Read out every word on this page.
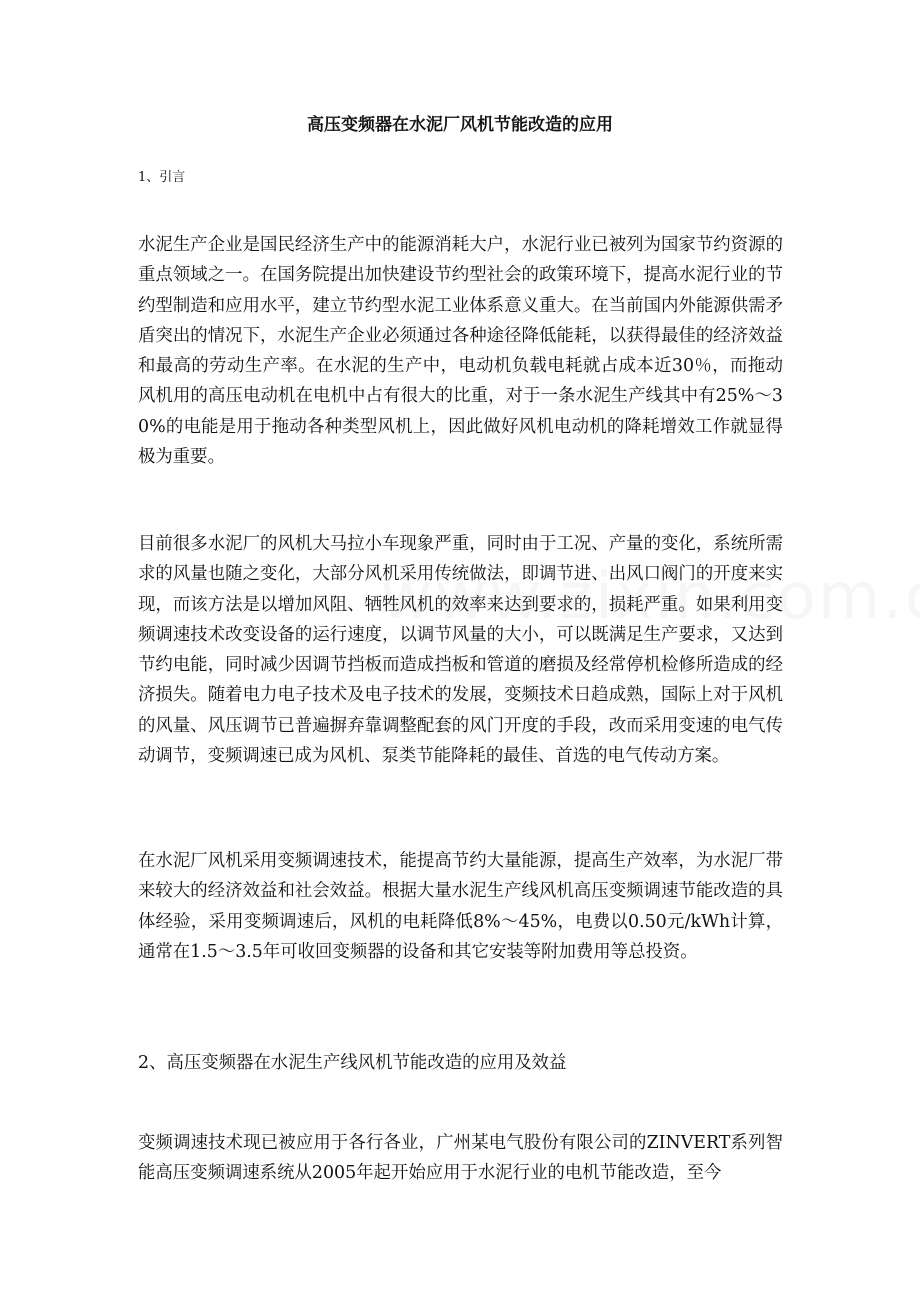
高压变频器在水泥厂风机节能改造的应用

1、引言

水泥生产企业是国民经济生产中的能源消耗大户，水泥行业已被列为国家节约资源的重点领域之一。在国务院提出加快建设节约型社会的政策环境下，提高水泥行业的节约型制造和应用水平，建立节约型水泥工业体系意义重大。在当前国内外能源供需矛盾突出的情况下，水泥生产企业必须通过各种途径降低能耗，以获得最佳的经济效益和最高的劳动生产率。在水泥的生产中，电动机负载电耗就占成本近30％，而拖动风机用的高压电动机在电机中占有很大的比重，对于一条水泥生产线其中有25%～30%的电能是用于拖动各种类型风机上，因此做好风机电动机的降耗增效工作就显得极为重要。

目前很多水泥厂的风机大马拉小车现象严重，同时由于工况、产量的变化，系统所需求的风量也随之变化，大部分风机采用传统做法，即调节进、出风口阀门的开度来实现，而该方法是以增加风阻、牺牲风机的效率来达到要求的，损耗严重。如果利用变频调速技术改变设备的运行速度，以调节风量的大小，可以既满足生产要求，又达到节约电能，同时减少因调节挡板而造成挡板和管道的磨损及经常停机检修所造成的经济损失。随着电力电子技术及电子技术的发展，变频技术日趋成熟，国际上对于风机的风量、风压调节已普遍摒弃靠调整配套的风门开度的手段，改而采用变速的电气传动调节，变频调速已成为风机、泵类节能降耗的最佳、首选的电气传动方案。

在水泥厂风机采用变频调速技术，能提高节约大量能源，提高生产效率，为水泥厂带来较大的经济效益和社会效益。根据大量水泥生产线风机高压变频调速节能改造的具体经验，采用变频调速后，风机的电耗降低8%～45%，电费以0.50元/kWh计算，通常在1.5～3.5年可收回变频器的设备和其它安装等附加费用等总投资。

2、高压变频器在水泥生产线风机节能改造的应用及效益

变频调速技术现已被应用于各行各业，广州某电气股份有限公司的ZINVERT系列智能高压变频调速系统从2005年起开始应用于水泥行业的电机节能改造，至今
